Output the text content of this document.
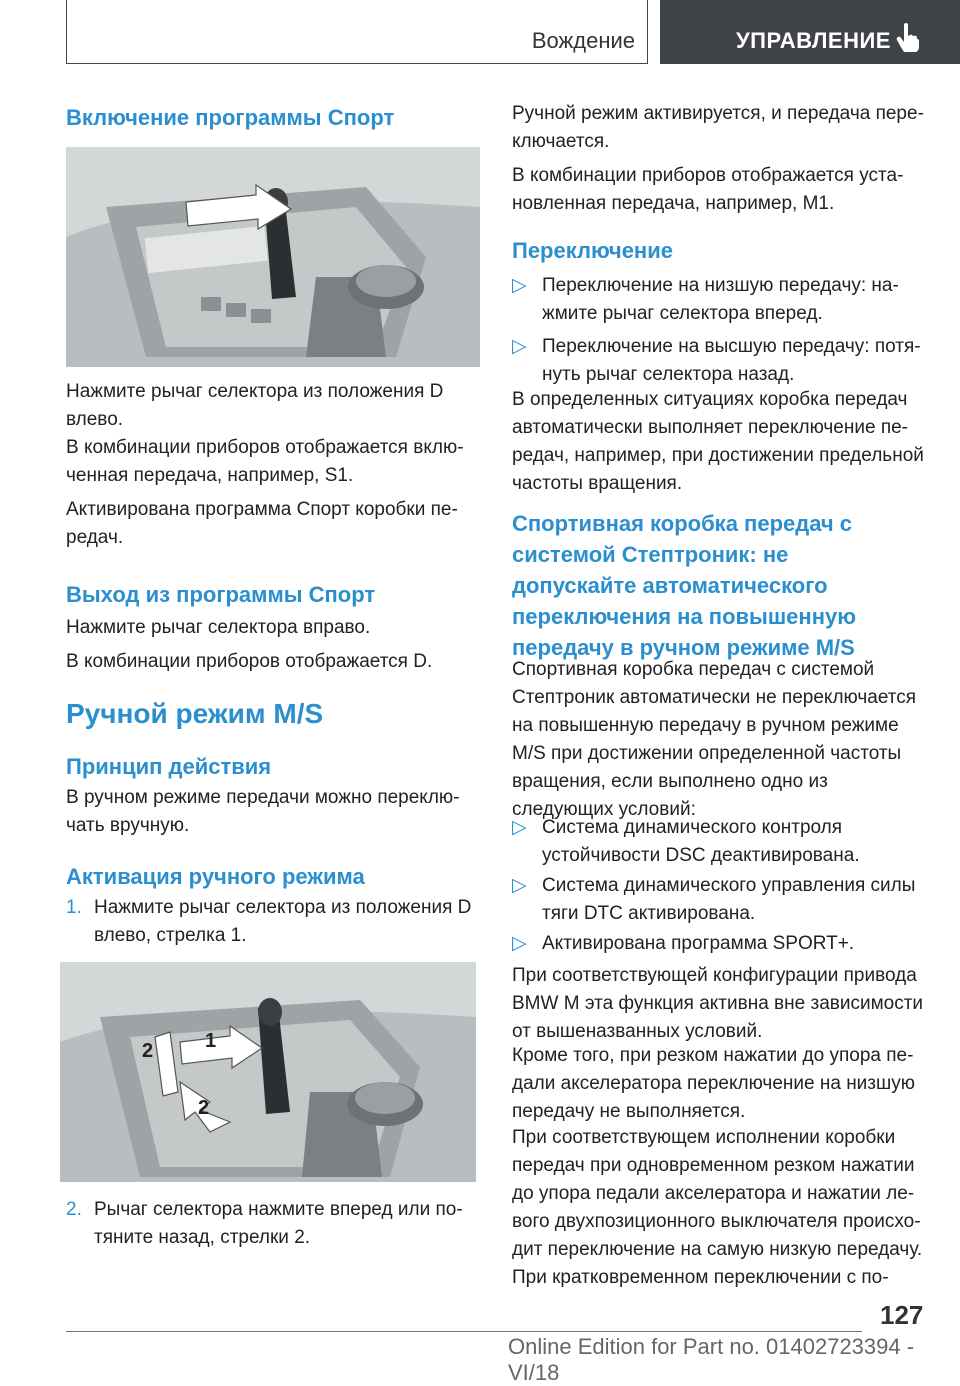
Вождение	УПРАВЛЕНИЕ
Включение программы Спорт

Нажмите рычаг селектора из положения D влево.

В комбинации приборов отображается вклю- ченная передача, например, S1.

Активирована программа Спорт коробки пе- редач.

Выход из программы Спорт

Нажмите рычаг селектора вправо.

В комбинации приборов отображается D.

Ручной режим M/S
Принцип действия

В ручном режиме передачи можно переклю- чать вручную.

Активация ручного режима
1. Нажмите рычаг селектора из положения D влево, стрелка 1.
1
2
2
2. Рычаг селектора нажмите вперед или по- тяните назад, стрелки 2.

Ручной режим активируется, и передача пере- ключается.

В комбинации приборов отображается уста- новленная передача, например, M1.

Переключение
▷ Переключение на низшую передачу: на- жмите рычаг селектора вперед.
▷ Переключение на высшую передачу: потя- нуть рычаг селектора назад.

В определенных ситуациях коробка передач автоматически выполняет переключение пе- редач, например, при достижении предельной частоты вращения.

Спортивная коробка передач с системой Стептроник: не допускайте автоматического переключения на повышенную передачу в ручном режиме M/S

Спортивная коробка передач с системой Стептроник автоматически не переключается на повышенную передачу в ручном режиме M/S при достижении определенной частоты вращения, если выполнено одно из следующих условий:

▷ Система динамического контроля устойчивости DSC деактивирована.
▷ Система динамического управления силы тяги DTC активирована.
▷ Активирована программа SPORT+.

При соответствующей конфигурации привода BMW M эта функция активна вне зависимости от вышеназванных условий.

Кроме того, при резком нажатии до упора пе- дали акселератора переключение на низшую передачу не выполняется.

При соответствующем исполнении коробки передач при одновременном резком нажатии до упора педали акселератора и нажатии ле- вого двухпозиционного выключателя происхо- дит переключение на самую низкую передачу. При кратковременном переключении с по-

127
Online Edition for Part no. 01402723394 - VI/18
